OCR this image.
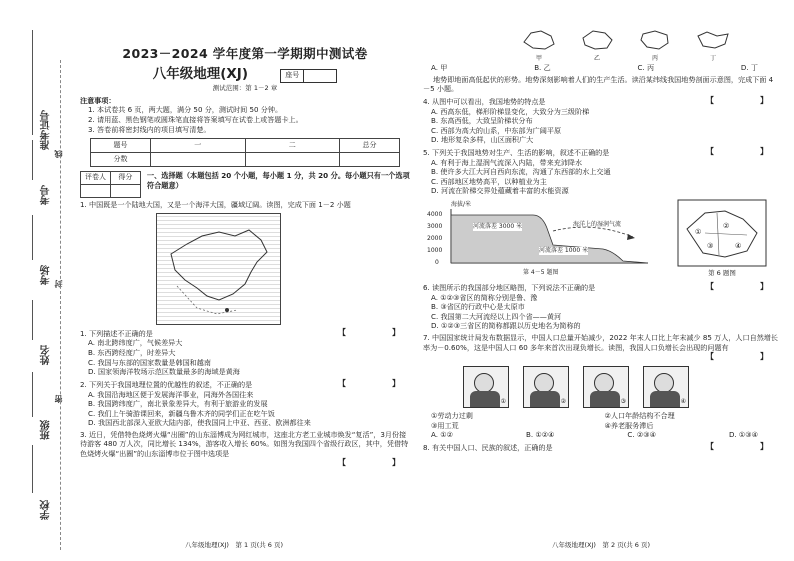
准考证号
考号
考场
姓名
班级
学校
线
封
密
2023－2024 学年度第一学期期中测试卷
八年级地理(XJ)	座号
测试范围：第 1－2 章
注意事项：
1. 本试卷共 6 页，两大题，满分 50 分，测试时间 50 分钟。
2. 请用蓝、黑色钢笔或圆珠笔直接将答案填写在试卷上或答题卡上。
3. 答卷前将密封线内的项目填写清楚。
题号	一	二	总分
分数			
评卷人	得分
	一、选择题（本题包括 20 个小题，每小题 1 分，共 20 分。每小题只有一个选项符合题意）
1. 中国既是一个陆地大国，又是一个海洋大国，疆域辽阔。读图，完成下面 1－2 小题
1. 下列描述不正确的是	【　　】
A. 南北跨纬度广，气候差异大
B. 东西跨经度广，时差异大
C. 我国与东部的国家数量是韩国和越南
D. 国家领海洋牧场示范区数量最多的海域是黄海
2. 下列关于我国地理位置的优越性的叙述，不正确的是	【　　】
A. 我国沿海地区便于发展海洋事业，同海外各国往来
B. 我国跨纬度广，南北景象差异大，有利于旅游业的发展
C. 我们上午骑游课回来，新疆乌鲁木齐的同学们正在吃午饭
D. 我国西北部深入亚欧大陆内部，使我国同上中亚、西亚、欧洲都往来
3. 近日，凭借特色烧烤火爆“出圈”的山东淄博成为网红城市，这座北方老工业城市焕发“复活”，3月份接待游客 480 万人次，同比增长 134%，游客收入增长 60%。如图为我国四个省级行政区，其中，凭借特色烧烤火爆“出圈”的山东淄博市位于图中选项是
【　　】
八年级地理(XJ)　第 1 页(共 6 页)
甲	乙	丙	丁
A. 甲	B. 乙	C. 丙	D. 丁
地势即地面高低起伏的形势。地势深刻影响着人们的生产生活。读沿某纬线我国地势剖面示意图，完成下面 4－5 小题。
4. 从图中可以看出，我国地势的特点是	【　　】
A. 西高东低，梯形阶梯显变化，大致分为三级阶梯
B. 东高西低，大致呈阶梯状分布
C. 西部为高大的山系，中东部为广阔平原
D. 地形复杂多样，山区面积广大
5. 下列关于我国地势对生产、生活的影响，叙述不正确的是	【　　】
A. 有利于海上湿润气流深入内陆，带来充沛降水
B. 使许多大江大河自西向东流，沟通了东西部的水上交通
C. 西部地区地势高平，以种植业为主
D. 河流在阶梯交界处蕴藏着丰富的水能资源
海拔/米
4000
3000
2000
1000
0
河流落差 3000 米
河流落差 1000 米
海洋上的湿润气流
第 4－5 题图
①
②
③	④
第 6 题图
6. 读图所示的我国部分地区略图，下列说法不正确的是	【　　】
A. ①②③省区的简称分别是鲁、豫
B. ③省区的行政中心是太原市
C. 我国第二大河流经以上四个省——黄河
D. ①②③三省区的简称都跟以历史地名为简称的
7. 中国国家统计局发布数据显示，中国人口总量开始减少，2022 年末人口比上年末减少 85 万人，人口自然增长率为－0.60%，这是中国人口 60 多年来首次出现负增长。读图，我国人口负增长会出现的问题有
【　　】
①	②	③	④
①劳动力过剩	②人口年龄结构不合理
③用工荒	④养老服务滞后
A. ①②	B. ①②④	C. ②③④	D. ①③④
8. 有关中国人口、民族的叙述，正确的是	【　　】
八年级地理(XJ)　第 2 页(共 6 页)
